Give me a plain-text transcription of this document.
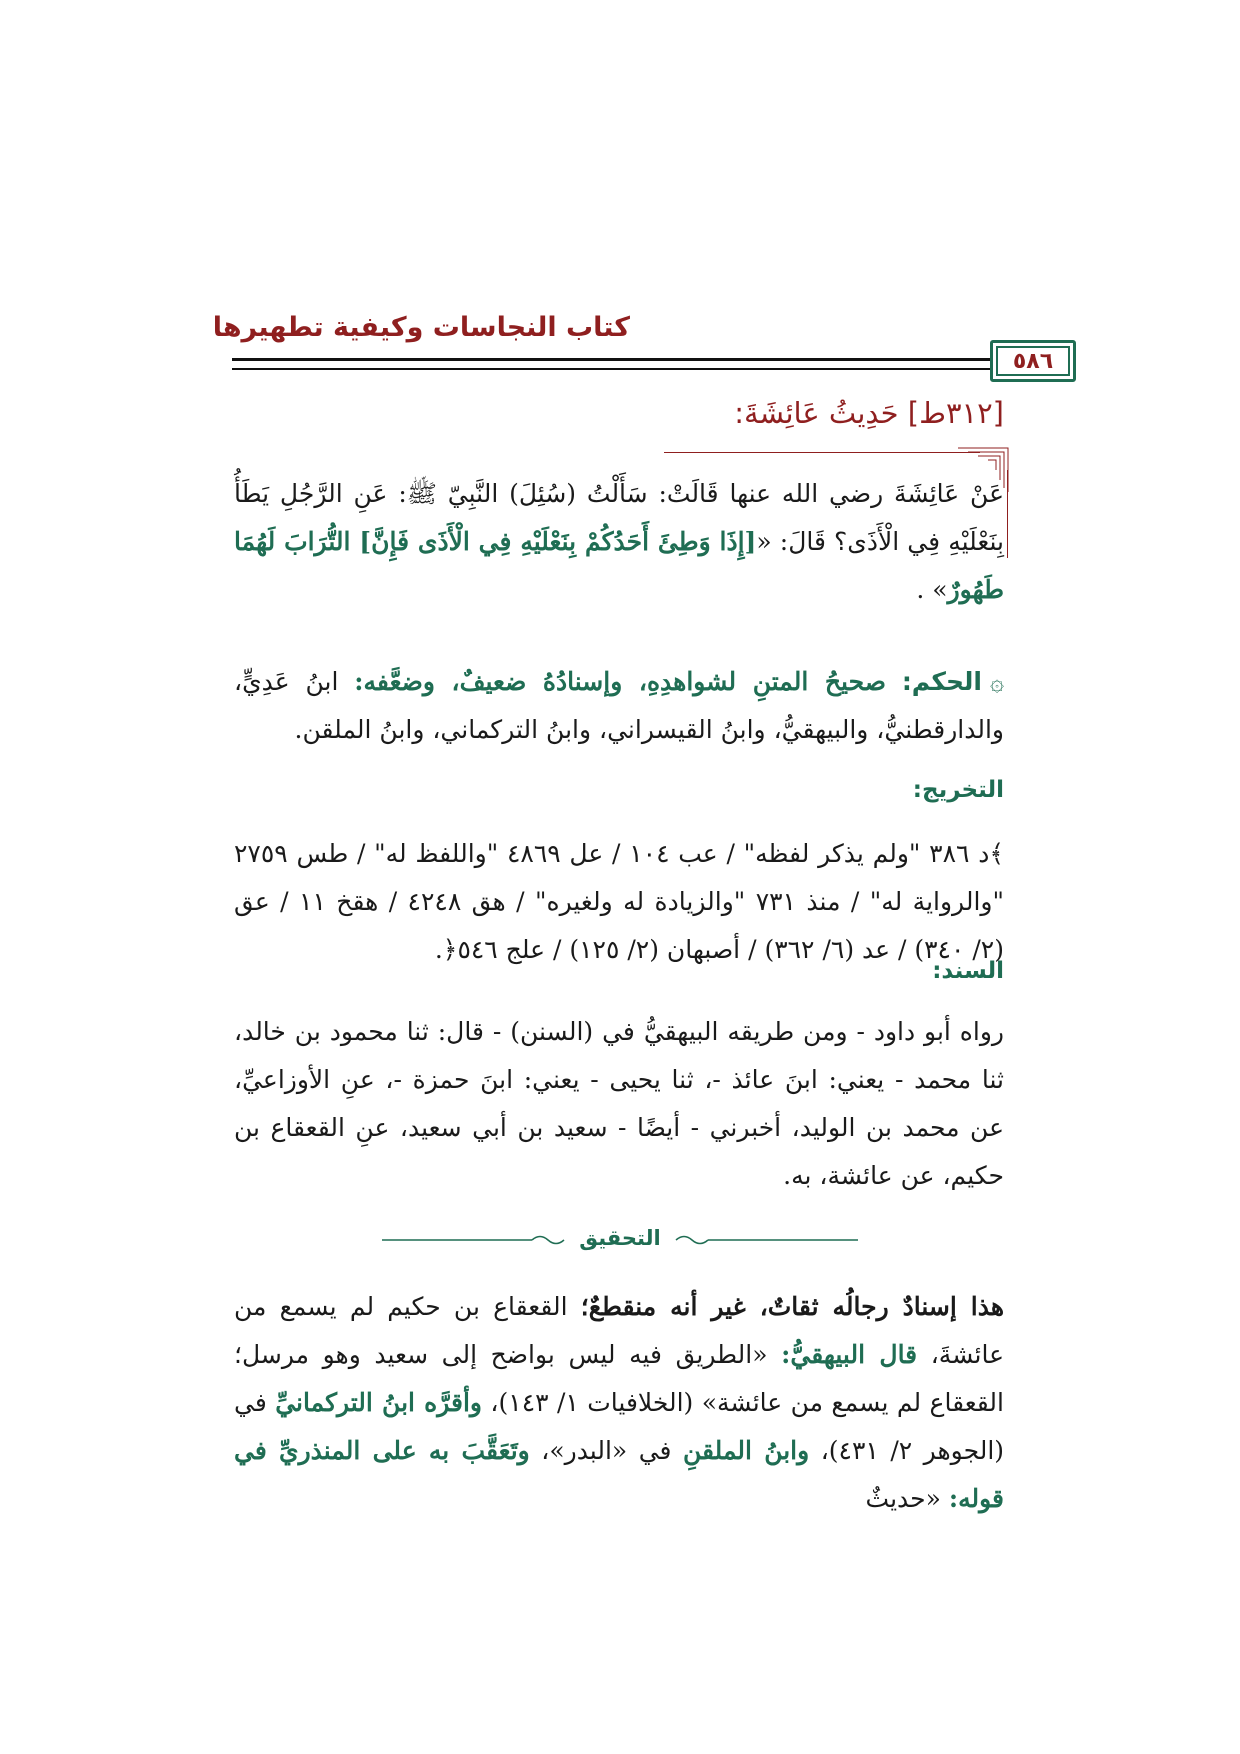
كتاب النجاسات وكيفية تطهيرها
٥٨٦
[٣١٢ط] حَدِيثُ عَائِشَةَ:
عَنْ عَائِشَةَ رضي الله عنها قَالَتْ: سَأَلْتُ (سُئِلَ) النَّبِيّ ﷺ: عَنِ الرَّجُلِ يَطَأُ بِنَعْلَيْهِ فِي الْأَذَى؟ قَالَ: «[إِذَا وَطِئَ أَحَدُكُمْ بِنَعْلَيْهِ فِي الْأَذَى فَإِنَّ] التُّرَابَ لَهُمَا طَهُورٌ» .
۞الحكم: صحيحُ المتنِ لشواهدِهِ، وإسنادُهُ ضعيفٌ، وضعَّفه: ابنُ عَدِيٍّ، والدارقطنيُّ، والبيهقيُّ، وابنُ القيسراني، وابنُ التركماني، وابنُ الملقن.
التخريج:
﴾د ٣٨٦ "ولم يذكر لفظه" / عب ١٠٤ / عل ٤٨٦٩ "واللفظ له" / طس ٢٧٥٩ "والرواية له" / منذ ٧٣١ "والزيادة له ولغيره" / هق ٤٢٤٨ / هقخ ١١ / عق (٢/ ٣٤٠) / عد (٦/ ٣٦٢) / أصبهان (٢/ ١٢٥) / علج ٥٤٦﴿.
السند:
رواه أبو داود - ومن طريقه البيهقيُّ في (السنن) - قال: ثنا محمود بن خالد، ثنا محمد - يعني: ابنَ عائذ -، ثنا يحيى - يعني: ابنَ حمزة -، عنِ الأوزاعيِّ، عن محمد بن الوليد، أخبرني - أيضًا - سعيد بن أبي سعيد، عنِ القعقاع بن حكيم، عن عائشة، به.
التحقيق
هذا إسنادٌ رجالُه ثقاتٌ، غير أنه منقطعٌ؛ القعقاع بن حكيم لم يسمع من عائشةَ، قال البيهقيُّ: «الطريق فيه ليس بواضح إلى سعيد وهو مرسل؛ القعقاع لم يسمع من عائشة» (الخلافيات ١/ ١٤٣)، وأقرَّه ابنُ التركمانيِّ في (الجوهر ٢/ ٤٣١)، وابنُ الملقنِ في «البدر»، وتَعَقَّبَ به على المنذريِّ في قوله: «حديثٌ
